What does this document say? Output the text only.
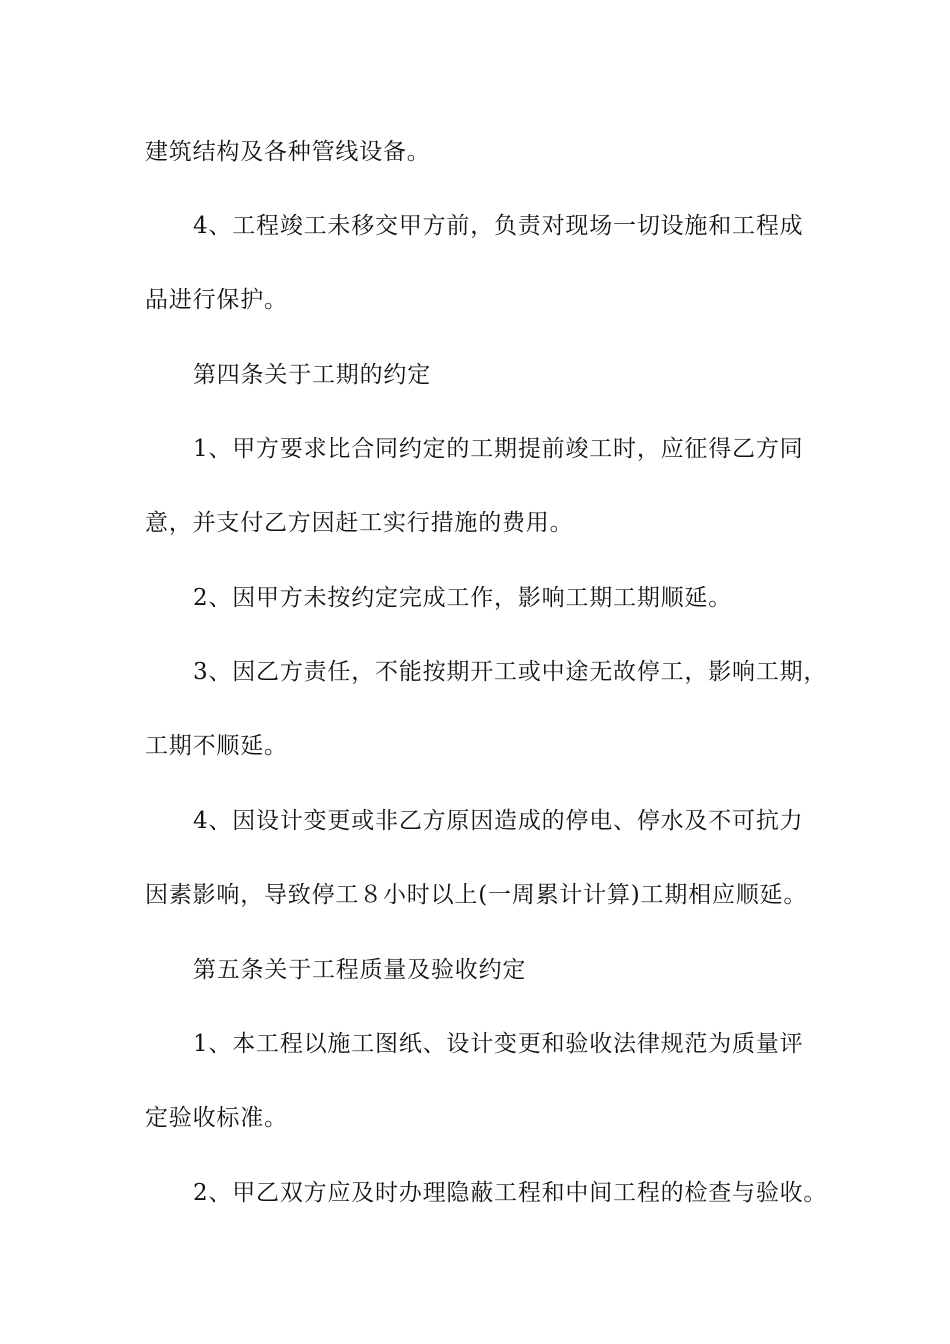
建筑结构及各种管线设备。
4、工程竣工未移交甲方前，负责对现场一切设施和工程成
品进行保护。
第四条关于工期的约定
1、甲方要求比合同约定的工期提前竣工时，应征得乙方同
意，并支付乙方因赶工实行措施的费用。
2、因甲方未按约定完成工作，影响工期工期顺延。
3、因乙方责任，不能按期开工或中途无故停工，影响工期，
工期不顺延。
4、因设计变更或非乙方原因造成的停电、停水及不可抗力
因素影响，导致停工８小时以上(一周累计计算)工期相应顺延。
第五条关于工程质量及验收约定
1、本工程以施工图纸、设计变更和验收法律规范为质量评
定验收标准。
2、甲乙双方应及时办理隐蔽工程和中间工程的检查与验收。
